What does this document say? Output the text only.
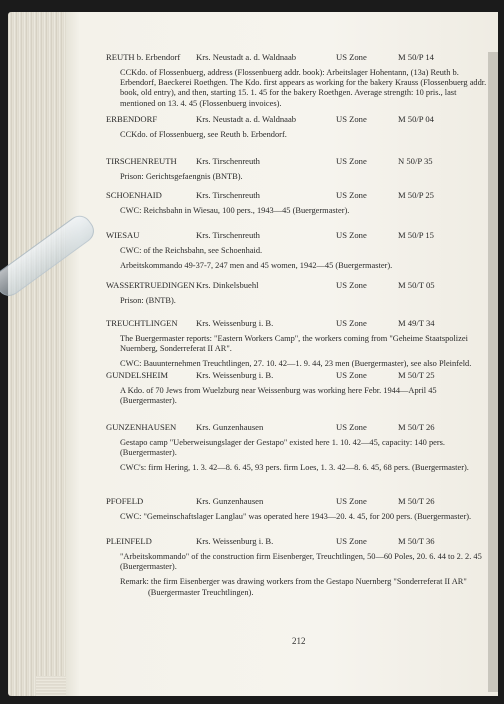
212
REUTH b. Erbendorf Krs. Neustadt a. d. Waldnaab	US Zone	M 50/P 14
CCKdo. of Flossenbuerg, address (Flossenbuerg addr. book): Arbeitslager Hohentann, (13a) Reuth b. Erbendorf, Baeckerei Roethgen. The Kdo. first appears as working for the bakery Krauss (Flossenbuerg addr. book, old entry), and then, starting 15. 1. 45 for the bakery Roethgen. Average strength: 10 pris., last mentioned on 13. 4. 45 (Flossenbuerg invoices).
ERBENDORF	Krs. Neustadt a. d. Waldnaab	US Zone	M 50/P 04
CCKdo. of Flossenbuerg, see Reuth b. Erbendorf.
TIRSCHENREUTH Krs. Tirschenreuth	US Zone	N 50/P 35
Prison: Gerichtsgefaengnis (BNTB).
SCHOENHAID	Krs. Tirschenreuth	US Zone	M 50/P 25
CWC: Reichsbahn in Wiesau, 100 pers., 1943—45 (Buergermaster).
WIESAU	Krs. Tirschenreuth	US Zone	M 50/P 15
CWC: of the Reichsbahn, see Schoenhaid.
Arbeitskommando 49-37-7, 247 men and 45 women, 1942—45 (Buergermaster).
WASSERTRUEDINGEN Krs. Dinkelsbuehl	US Zone	M 50/T 05
Prison: (BNTB).
TREUCHTLINGEN Krs. Weissenburg i. B.	US Zone	M 49/T 34
The Buergermaster reports: "Eastern Workers Camp", the workers coming from "Geheime Staatspolizei Nuernberg, Sonderreferat II AR".
CWC: Bauunternehmen Treuchtlingen, 27. 10. 42—1. 9. 44, 23 men (Buergermaster), see also Pleinfeld.
GUNDELSHEIM	Krs. Weissenburg i. B.	US Zone	M 50/T 25
A Kdo. of 70 Jews from Wuelzburg near Weissenburg was working here Febr. 1944—April 45 (Buergermaster).
GUNZENHAUSEN Krs. Gunzenhausen	US Zone	M 50/T 26
Gestapo camp "Ueberweisungslager der Gestapo" existed here 1. 10. 42—45, capacity: 140 pers. (Buergermaster).
CWC's: firm Hering, 1. 3. 42—8. 6. 45, 93 pers. firm Loes, 1. 3. 42—8. 6. 45, 68 pers. (Buergermaster).
PFOFELD	Krs. Gunzenhausen	US Zone	M 50/T 26
CWC: "Gemeinschaftslager Langlau" was operated here 1943—20. 4. 45, for 200 pers. (Buergermaster).
PLEINFELD	Krs. Weissenburg i. B.	US Zone	M 50/T 36
"Arbeitskommando" of the construction firm Eisenberger, Treuchtlingen, 50—60 Poles, 20. 6. 44 to 2. 2. 45 (Buergermaster).
Remark: the firm Eisenberger was drawing workers from the Gestapo Nuernberg "Sonderreferat II AR" (Buergermaster Treuchtlingen).
